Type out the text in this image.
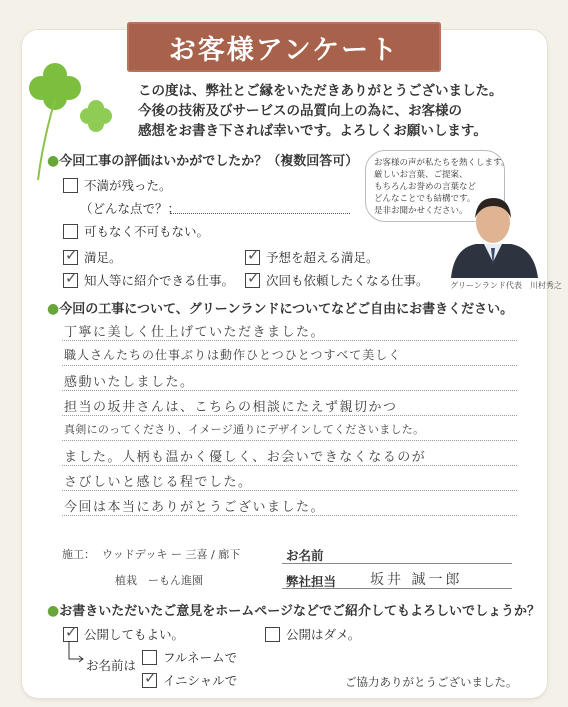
お客様アンケート
この度は、弊社とご縁をいただきありがとうございました。
今後の技術及びサービスの品質向上の為に、お客様の
感想をお書き下されば幸いです。よろしくお願いします。
●今回工事の評価はいかがでしたか？（複数回答可）
不満が残った。
（どんな点で？：
可もなく不可もない。
✓ 満足。	✓ 予想を超える満足。
✓ 知人等に紹介できる仕事。 ✓ 次回も依頼したくなる仕事。
お客様の声が私たちを熱くします。
厳しいお言葉、ご提案、
もちろんお誉めの言葉など
どんなことでも結構です。
是非お聞かせください。
グリーンランド代表　川村秀之
●今回の工事について、グリーンランドについてなどご自由にお書きください。
丁寧に美しく仕上げていただきました。
職人さんたちの仕事ぶりは動作ひとつひとつすべて美しく
感動いたしました。
担当の坂井さんは、こちらの相談にたえず親切かつ
真剣にのってくださり、イメージ通りにデザインしてくださいました。
ました。人柄も温かく優しく、お会いできなくなるのが
さびしいと感じる程でした。
今回は本当にありがとうございました。
施工： ウッドデッキ ー 三喜 / 廊下
植栽　ーもん進園
お名前
弊社担当 坂井 誠一郎
●お書きいただいたご意見をホームページなどでご紹介してもよろしいでしょうか？
✓ 公開してもよい。	公開はダメ。
お名前は
フルネームで
✓ イニシャルで	ご協力ありがとうございました。
